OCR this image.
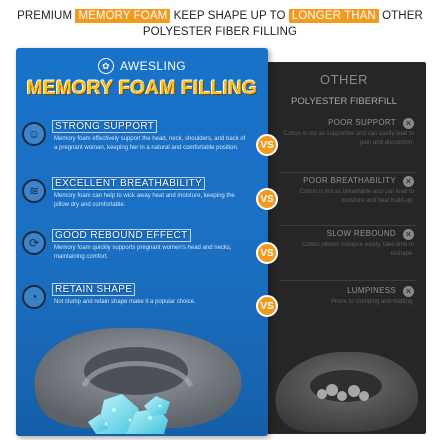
PREMIUM MEMORY FOAM KEEP SHAPE UP TO LONGER THAN OTHER
POLYESTER FIBER FILLING
OTHER
POLYESTER FIBERFILL
✿ AWESLING
MEMORY FOAM FILLING
☺
STRONG SUPPORT
Memory foam effectively support the head, neck, shoulders, and back of a pregnant woman, keeping her in a natural and comfortable position.
≋
EXCELLENT BREATHABILITY
Memory foam can help to wick away heat and moisture, keeping the pillow dry and comfortable.
⟳
GOOD REBOUND EFFECT
Memory foam quickly supports pregnant women's head and necks, maintaining comfort.
◔
RETAIN SHAPE
Not clump and retain shape make it a popular choice.
VS
VS
VS
VS
POOR SUPPORT	✕
Cotton is not as supportive and can easily lead to pain and discomfort.
POOR BREATHABILITY	✕
Cotton is not as breathable and can lead to moisture and heat build-up.
SLOW REBOUND	✕
Cotton pillows collapse easily, take time to reshape.
LUMPINESS	✕
Prone to clumping and matting.
